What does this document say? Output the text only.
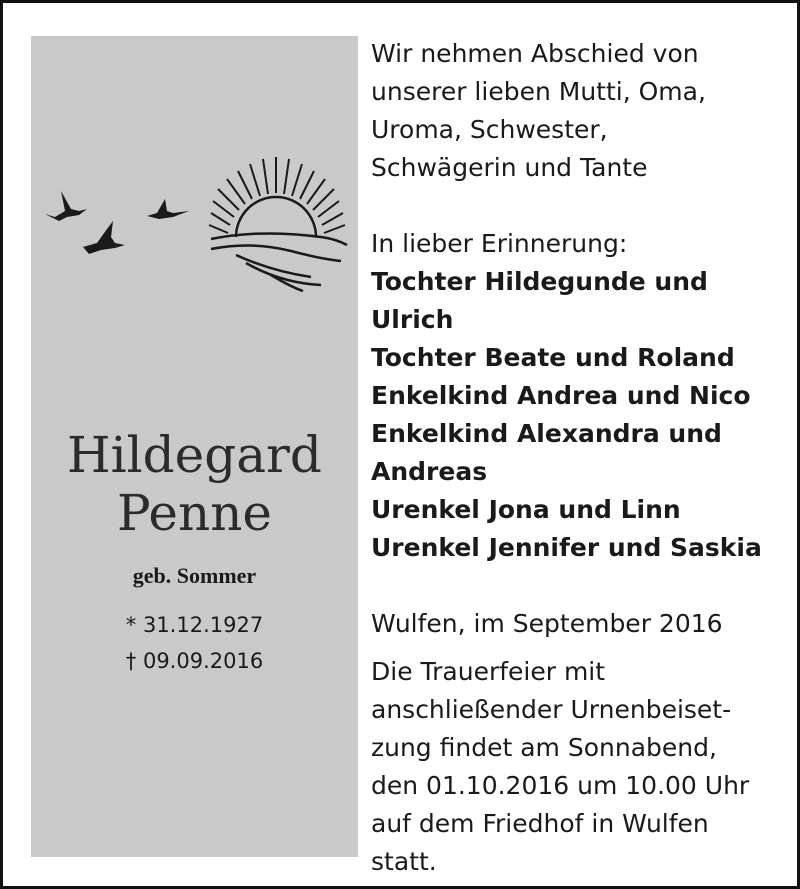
Hildegard
Penne
geb. Sommer
* 31.12.1927
† 09.09.2016
Wir nehmen Abschied von
unserer lieben Mutti, Oma,
Uroma, Schwester,
Schwägerin und Tante
In lieber Erinnerung:
Tochter Hildegunde und
Ulrich
Tochter Beate und Roland
Enkelkind Andrea und Nico
Enkelkind Alexandra und
Andreas
Urenkel Jona und Linn
Urenkel Jennifer und Saskia
Wulfen, im September 2016
Die Trauerfeier mit
anschließender Urnenbeiset-
zung findet am Sonnabend,
den 01.10.2016 um 10.00 Uhr
auf dem Friedhof in Wulfen
statt.
